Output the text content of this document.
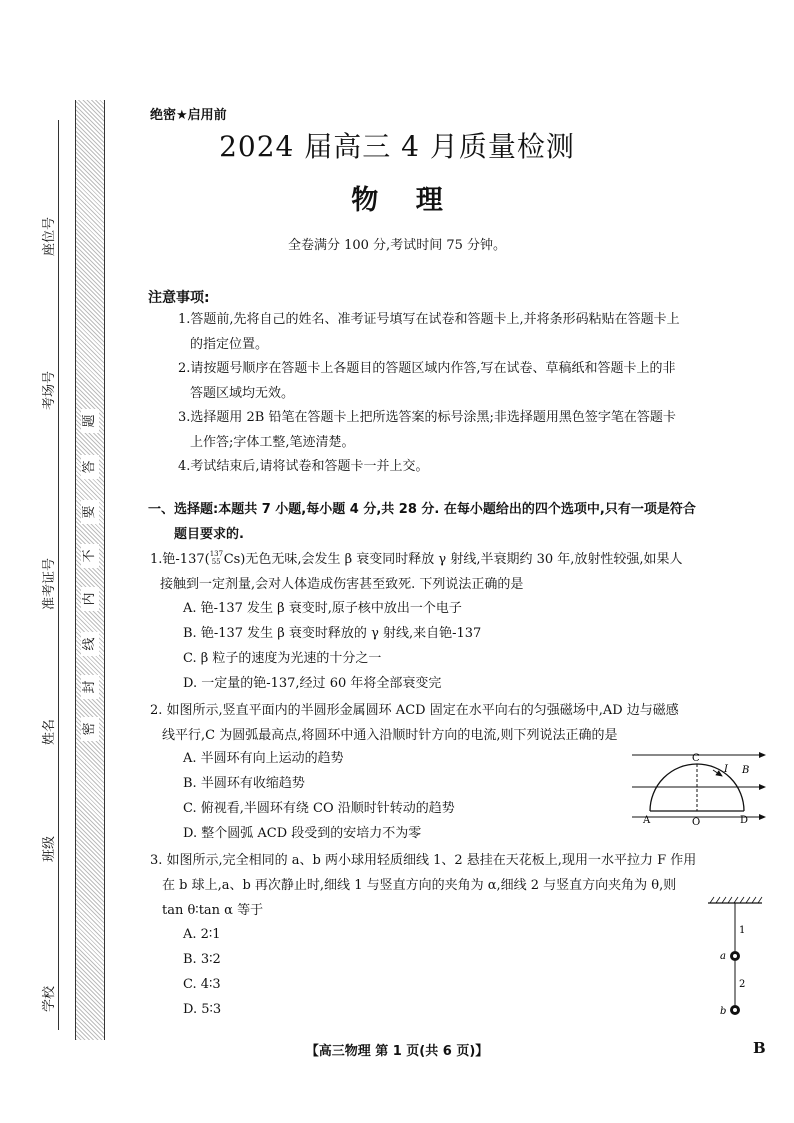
密
封
线
内
不
要
答
题
座位号
考场号
准考证号
姓名
班级
学校
绝密★启用前
2024 届高三 4 月质量检测
物 理
全卷满分 100 分,考试时间 75 分钟。
注意事项:
1.答题前,先将自己的姓名、准考证号填写在试卷和答题卡上,并将条形码粘贴在答题卡上
的指定位置。
2.请按题号顺序在答题卡上各题目的答题区域内作答,写在试卷、草稿纸和答题卡上的非
答题区域均无效。
3.选择题用 2B 铅笔在答题卡上把所选答案的标号涂黑;非选择题用黑色签字笔在答题卡
上作答;字体工整,笔迹清楚。
4.考试结束后,请将试卷和答题卡一并上交。
一、选择题:本题共 7 小题,每小题 4 分,共 28 分. 在每小题给出的四个选项中,只有一项是符合
题目要求的.
1.铯-137( 137
55 Cs)无色无味,会发生 β 衰变同时释放 γ 射线,半衰期约 30 年,放射性较强,如果人
接触到一定剂量,会对人体造成伤害甚至致死. 下列说法正确的是
A. 铯-137 发生 β 衰变时,原子核中放出一个电子
B. 铯-137 发生 β 衰变时释放的 γ 射线,来自铯-137
C. β 粒子的速度为光速的十分之一
D. 一定量的铯-137,经过 60 年将全部衰变完
2. 如图所示,竖直平面内的半圆形金属圆环 ACD 固定在水平向右的匀强磁场中,AD 边与磁感
线平行,C 为圆弧最高点,将圆环中通入沿顺时针方向的电流,则下列说法正确的是
A. 半圆环有向上运动的趋势
B. 半圆环有收缩趋势
C. 俯视看,半圆环有绕 CO 沿顺时针转动的趋势
D. 整个圆弧 ACD 段受到的安培力不为零
C
I B
A	O	D
3. 如图所示,完全相同的 a、b 两小球用轻质细线 1、2 悬挂在天花板上,现用一水平拉力 F 作用
在 b 球上,a、b 再次静止时,细线 1 与竖直方向的夹角为 α,细线 2 与竖直方向夹角为 θ,则
tan θ∶tan α 等于
A. 2∶1
B. 3∶2
C. 4∶3
D. 5∶3
1
2
a
b
【高三物理 第 1 页(共 6 页)】	B
